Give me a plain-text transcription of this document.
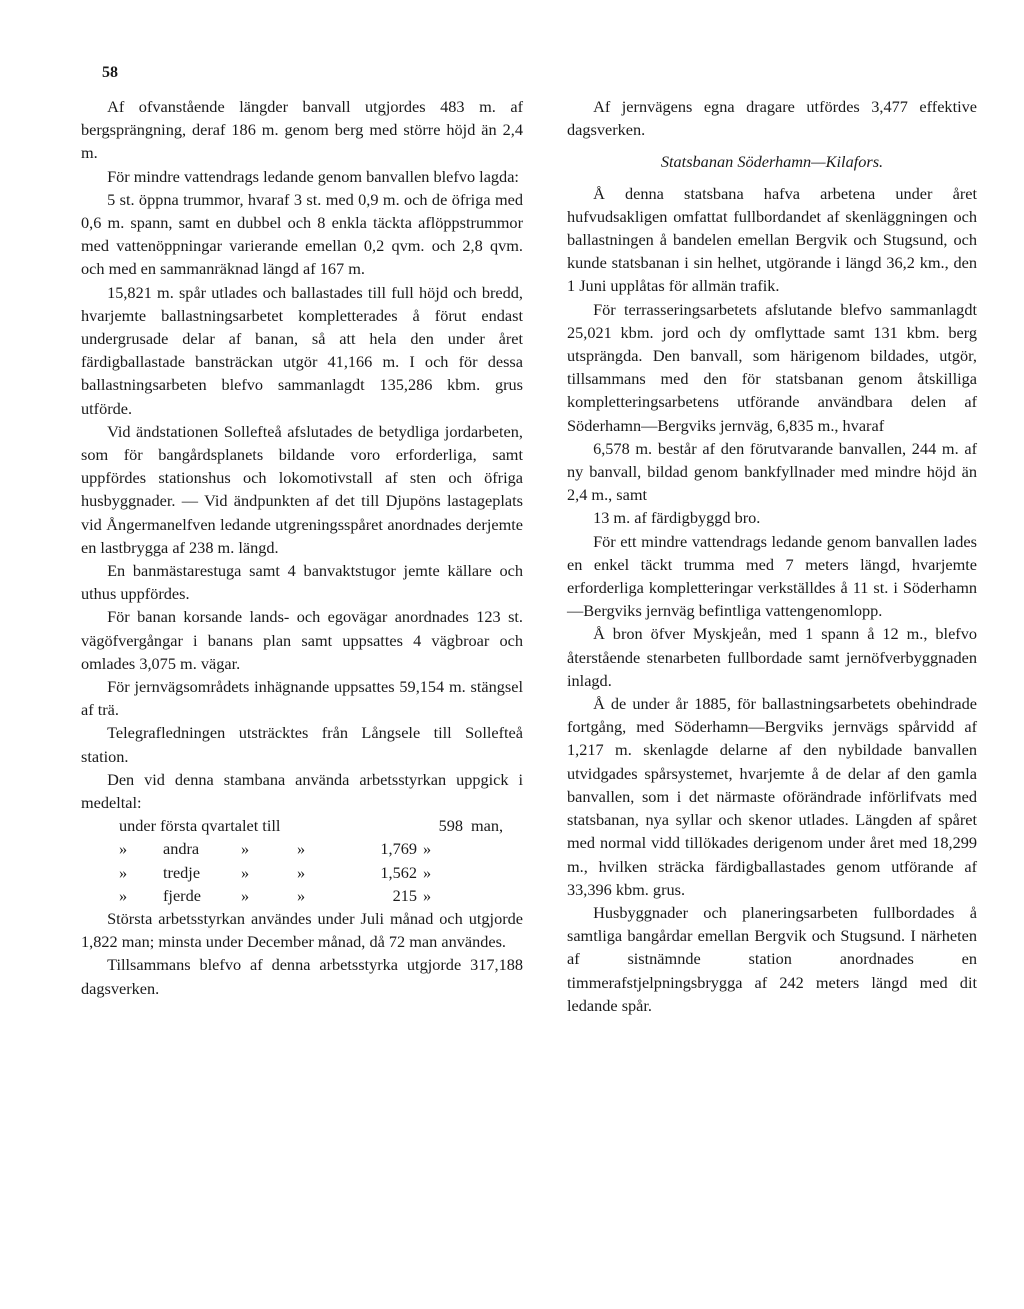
58

Af ofvanstående längder banvall utgjordes 483 m. af bergsprängning, deraf 186 m. genom berg med större höjd än 2,4 m.

För mindre vattendrags ledande genom banvallen blefvo lagda:

5 st. öppna trummor, hvaraf 3 st. med 0,9 m. och de öfriga med 0,6 m. spann, samt en dubbel och 8 enkla täckta aflöppstrummor med vattenöppningar varierande emellan 0,2 qvm. och 2,8 qvm. och med en sammanräknad längd af 167 m.

15,821 m. spår utlades och ballastades till full höjd och bredd, hvarjemte ballastningsarbetet kompletterades å förut endast undergrusade delar af banan, så att hela den under året färdigballastade bansträckan utgör 41,166 m. I och för dessa ballastningsarbeten blefvo sammanlagdt 135,286 kbm. grus utförde.

Vid ändstationen Sollefteå afslutades de betydliga jordarbeten, som för bangårdsplanets bildande voro erforderliga, samt uppfördes stationshus och lokomotivstall af sten och öfriga husbyggnader. — Vid ändpunkten af det till Djupöns lastageplats vid Ångermanelfven ledande utgreningsspåret anordnades derjemte en lastbrygga af 238 m. längd.

En banmästarestuga samt 4 banvaktstugor jemte källare och uthus uppfördes.

För banan korsande lands- och egovägar anordnades 123 st. vägöfvergångar i banans plan samt uppsattes 4 vägbroar och omlades 3,075 m. vägar.

För jernvägsområdets inhägnande uppsattes 59,154 m. stängsel af trä.

Telegrafledningen utsträcktes från Långsele till Sollefteå station.

Den vid denna stambana använda arbetsstyrkan uppgick i medeltal:

under första qvartalet till	598 man,
»	andra	»	»	1,769 »
»	tredje	»	»	1,562 »
»	fjerde	»	»	215 »

Största arbetsstyrkan användes under Juli månad och utgjorde 1,822 man; minsta under December månad, då 72 man användes.

Tillsammans blefvo af denna arbetsstyrka utgjorde 317,188 dagsverken.

Af jernvägens egna dragare utfördes 3,477 effektive dagsverken.

Statsbanan Söderhamn—Kilafors.

Å denna statsbana hafva arbetena under året hufvudsakligen omfattat fullbordandet af skenläggningen och ballastningen å bandelen emellan Bergvik och Stugsund, och kunde statsbanan i sin helhet, utgörande i längd 36,2 km., den 1 Juni upplåtas för allmän trafik.

För terrasseringsarbetets afslutande blefvo sammanlagdt 25,021 kbm. jord och dy omflyttade samt 131 kbm. berg utsprängda. Den banvall, som härigenom bildades, utgör, tillsammans med den för statsbanan genom åtskilliga kompletteringsarbetens utförande användbara delen af Söderhamn—Bergviks jernväg, 6,835 m., hvaraf

6,578 m. består af den förutvarande banvallen, 244 m. af ny banvall, bildad genom bankfyllnader med mindre höjd än 2,4 m., samt

13 m. af färdigbyggd bro.

För ett mindre vattendrags ledande genom banvallen lades en enkel täckt trumma med 7 meters längd, hvarjemte erforderliga kompletteringar verkställdes å 11 st. i Söderhamn—Bergviks jernväg befintliga vattengenomlopp.

Å bron öfver Myskjeån, med 1 spann å 12 m., blefvo återstående stenarbeten fullbordade samt jernöfverbyggnaden inlagd.

Å de under år 1885, för ballastningsarbetets obehindrade fortgång, med Söderhamn—Bergviks jernvägs spårvidd af 1,217 m. skenlagde delarne af den nybildade banvallen utvidgades spårsystemet, hvarjemte å de delar af den gamla banvallen, som i det närmaste oförändrade införlifvats med statsbanan, nya syllar och skenor utlades. Längden af spåret med normal vidd tillökades derigenom under året med 18,299 m., hvilken sträcka färdigballastades genom utförande af 33,396 kbm. grus.

Husbyggnader och planeringsarbeten fullbordades å samtliga bangårdar emellan Bergvik och Stugsund. I närheten af sistnämnde station anordnades en timmerafstjelpningsbrygga af 242 meters längd med dit ledande spår.
